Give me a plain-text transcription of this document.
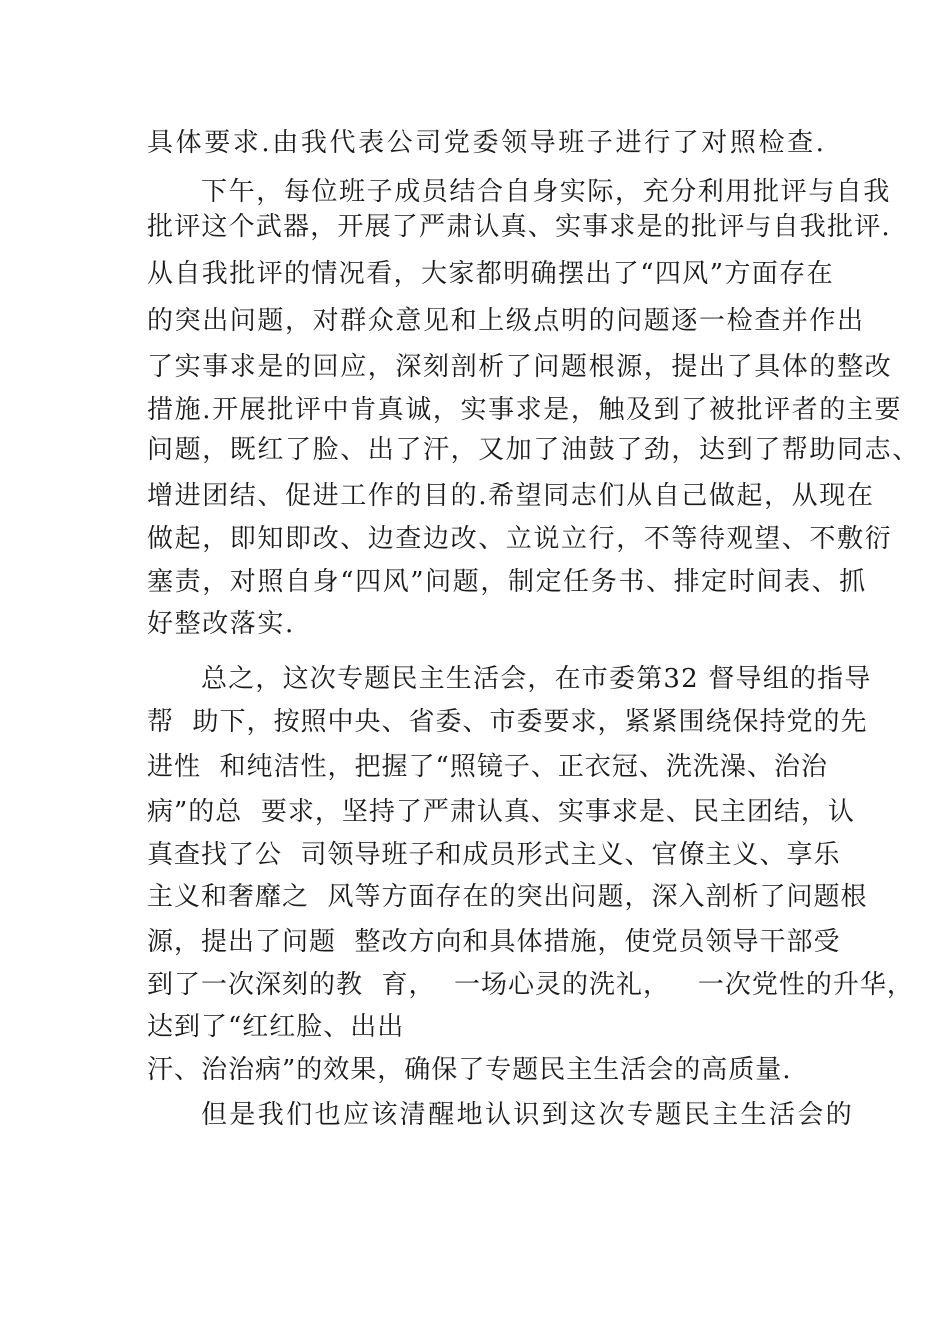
具体要求.由我代表公司党委领导班子进行了对照检查.
下午，每位班子成员结合自身实际，充分利用批评与自我
批评这个武器，开展了严肃认真、实事求是的批评与自我批评.
从自我批评的情况看，大家都明确摆出了“四风”方面存在
的突出问题，对群众意见和上级点明的问题逐一检查并作出
了实事求是的回应，深刻剖析了问题根源，提出了具体的整改
措施.开展批评中肯真诚，实事求是，触及到了被批评者的主要
问题，既红了脸、出了汗，又加了油鼓了劲，达到了帮助同志、
增进团结、促进工作的目的.希望同志们从自己做起，从现在
做起，即知即改、边查边改、立说立行，不等待观望、不敷衍
塞责，对照自身“四风”问题，制定任务书、排定时间表、抓
好整改落实.
总之，这次专题民主生活会，在市委第32 督导组的指导
帮  助下，按照中央、省委、市委要求，紧紧围绕保持党的先
进性  和纯洁性，把握了“照镜子、正衣冠、洗洗澡、治治
病”的总  要求，坚持了严肃认真、实事求是、民主团结，认
真查找了公  司领导班子和成员形式主义、官僚主义、享乐
主义和奢靡之  风等方面存在的突出问题，深入剖析了问题根
源，提出了问题  整改方向和具体措施，使党员领导干部受
到了一次深刻的教  育，  一场心灵的洗礼，   一次党性的升华，
达到了“红红脸、出出
汗、治治病”的效果，确保了专题民主生活会的高质量.
但是我们也应该清醒地认识到这次专题民主生活会的
